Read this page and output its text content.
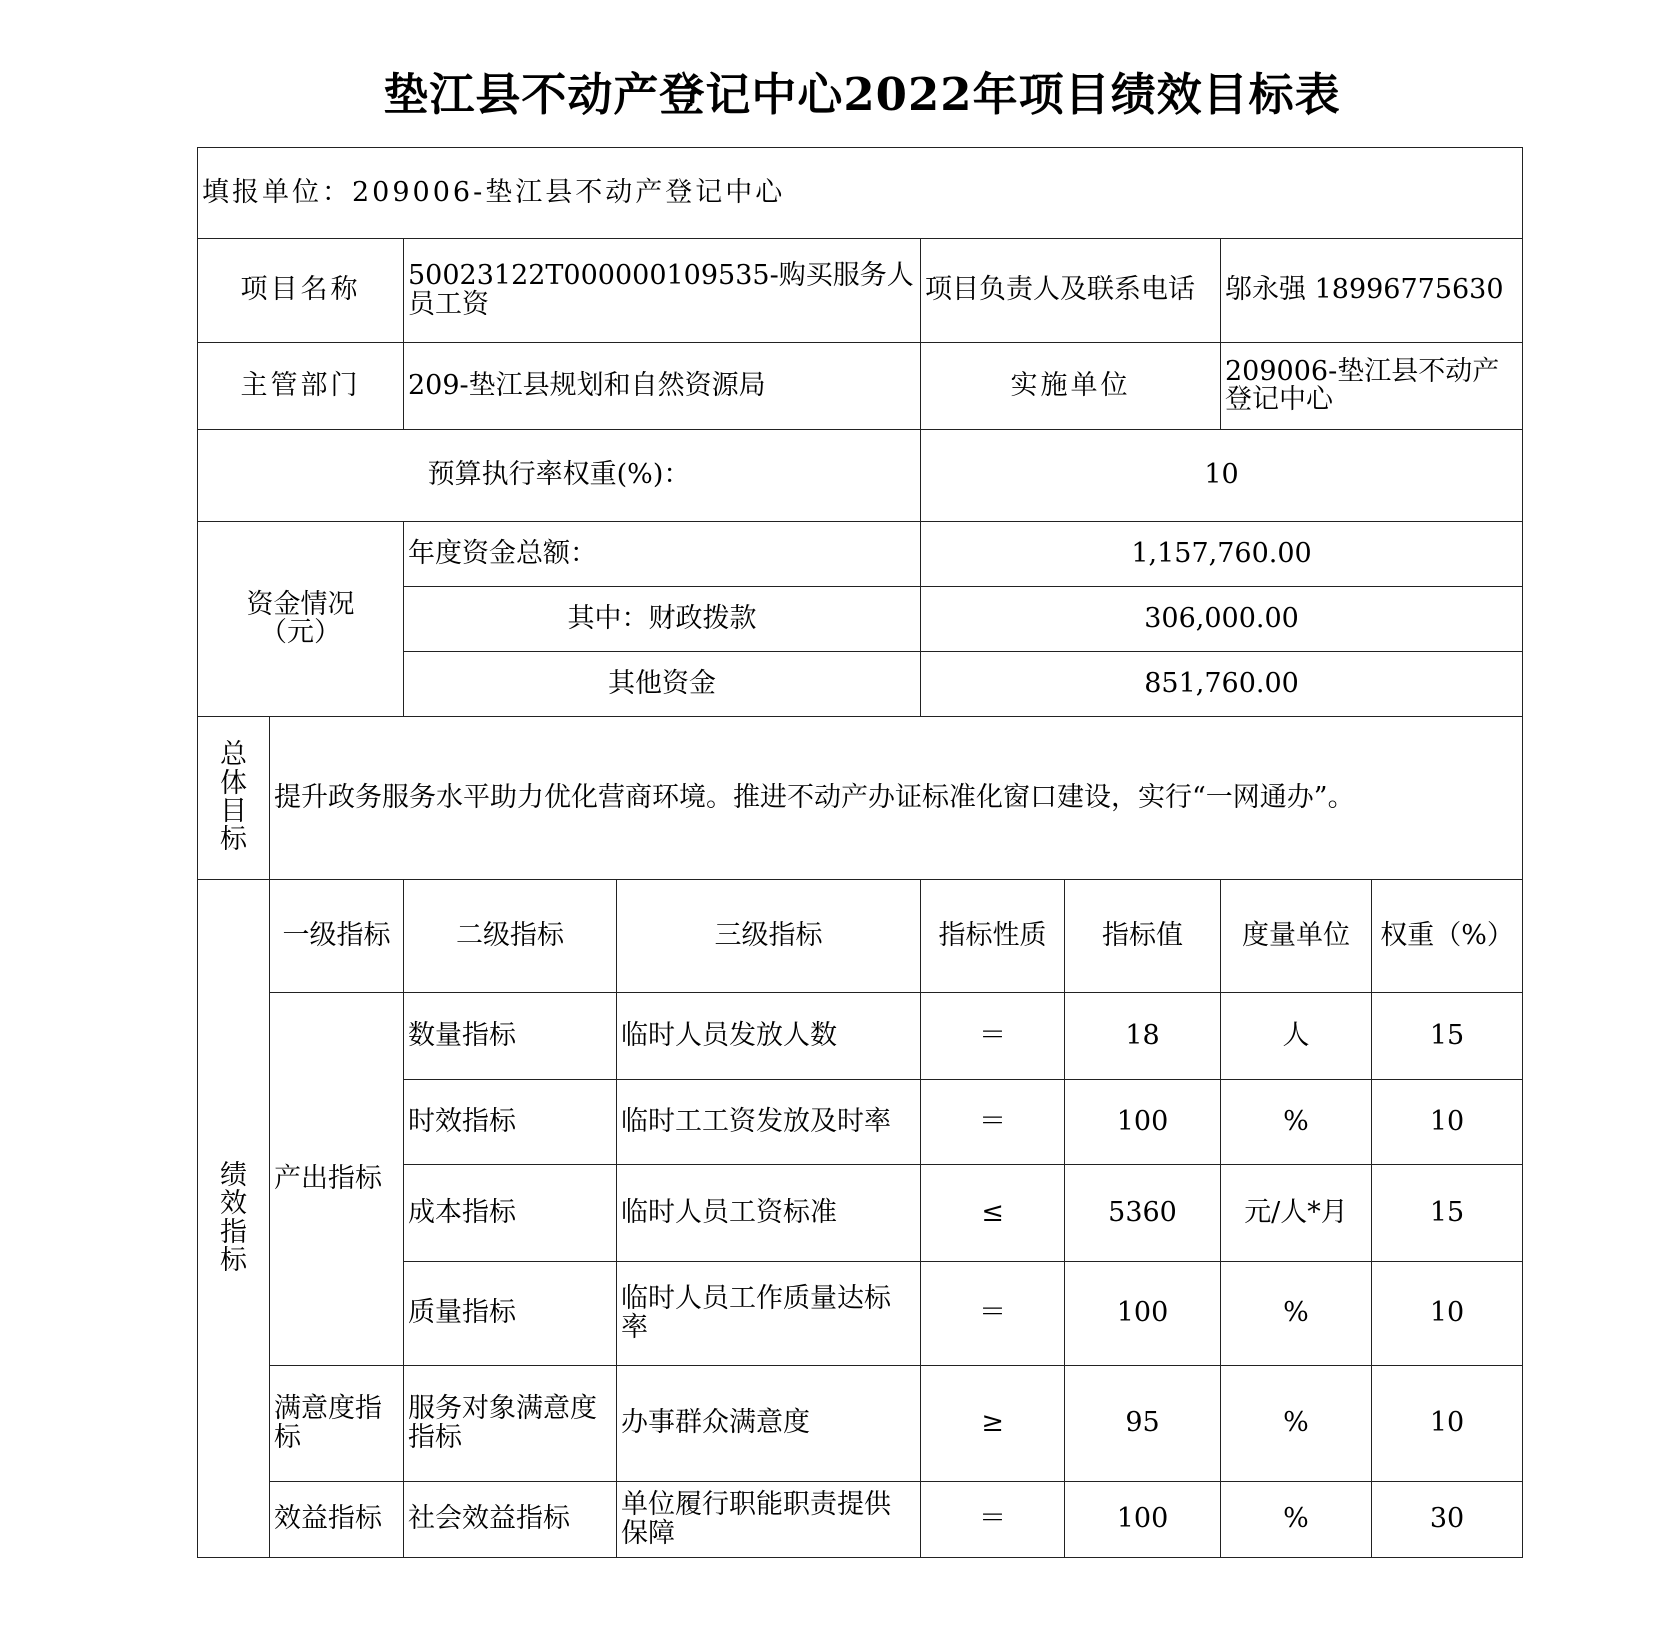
垫江县不动产登记中心2022年项目绩效目标表
填报单位：209006-垫江县不动产登记中心							
项目名称		50023122T000000109535-购买服务人员工资		项目负责人及联系电话		邬永强 18996775630	
主管部门		209-垫江县规划和自然资源局		实施单位		209006-垫江县不动产登记中心	
预算执行率权重(%)：				10			
资金情况（元）		年度资金总额：		1,157,760.00			
		其中：财政拨款		306,000.00			
		其他资金		851,760.00			
总体目标	提升政务服务水平助力优化营商环境。推进不动产办证标准化窗口建设，实行“一网通办”。						
绩效指标	一级指标	二级指标	三级指标	指标性质	指标值	度量单位	权重（%）
	产出指标	数量指标	临时人员发放人数	＝	18	人	15
		时效指标	临时工工资发放及时率	＝	100	%	10
		成本指标	临时人员工资标准	≤	5360	元/人*月	15
		质量指标	临时人员工作质量达标率	＝	100	%	10
	满意度指标	服务对象满意度指标	办事群众满意度	≥	95	%	10
	效益指标	社会效益指标	单位履行职能职责提供保障	＝	100	%	30
